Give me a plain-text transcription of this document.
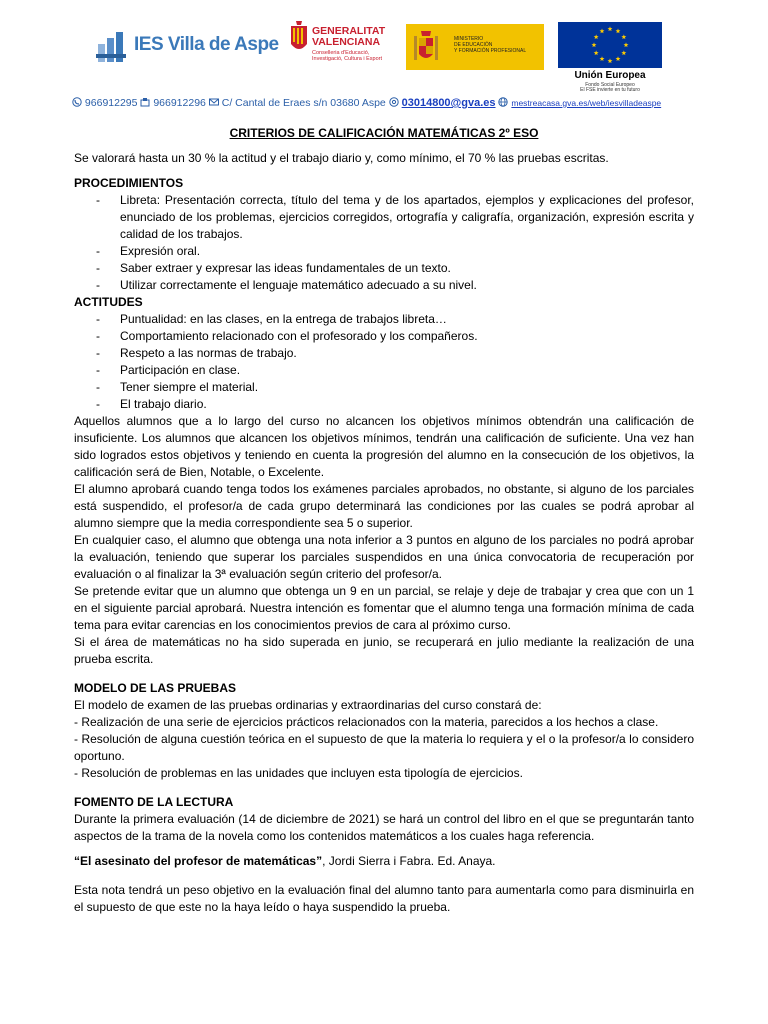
IES Villa de Aspe
GENERALITAT
VALENCIANA
Conselleria d'Educació,
Investigació, Cultura i Esport
MINISTERIO
DE EDUCACIÓN
Y FORMACIÓN PROFESIONAL
Unión Europea
Fondo Social Europeo
El FSE invierte en tu futuro
966912295 966912296 C/ Cantal de Eraes s/n 03680 Aspe 03014800@gva.es mestreacasa.gva.es/web/iesvilladeaspe
CRITERIOS DE CALIFICACIÓN MATEMÁTICAS 2º ESO

Se valorará hasta un 30 % la actitud y el trabajo diario y, como mínimo, el 70 % las pruebas escritas.

PROCEDIMIENTOS
- Libreta: Presentación correcta, título del tema y de los apartados, ejemplos y explicaciones del profesor, enunciado de los problemas, ejercicios corregidos, ortografía y caligrafía, organización, expresión escrita y calidad de los trabajos.
- Expresión oral.
- Saber extraer y expresar las ideas fundamentales de un texto.
- Utilizar correctamente el lenguaje matemático adecuado a su nivel.
ACTITUDES
- Puntualidad: en las clases, en la entrega de trabajos libreta…
- Comportamiento relacionado con el profesorado y los compañeros.
- Respeto a las normas de trabajo.
- Participación en clase.
- Tener siempre el material.
- El trabajo diario.

Aquellos alumnos que a lo largo del curso no alcancen los objetivos mínimos obtendrán una calificación de insuficiente. Los alumnos que alcancen los objetivos mínimos, tendrán una calificación de suficiente. Una vez han sido logrados estos objetivos y teniendo en cuenta la progresión del alumno en la consecución de los objetivos, la calificación será de Bien, Notable, o Excelente.

El alumno aprobará cuando tenga todos los exámenes parciales aprobados, no obstante, si alguno de los parciales está suspendido, el profesor/a de cada grupo determinará las condiciones por las cuales se podrá aprobar al alumno siempre que la media correspondiente sea 5 o superior.

En cualquier caso, el alumno que obtenga una nota inferior a 3 puntos en alguno de los parciales no podrá aprobar la evaluación, teniendo que superar los parciales suspendidos en una única convocatoria de recuperación por evaluación o al finalizar la 3ª evaluación según criterio del profesor/a.

Se pretende evitar que un alumno que obtenga un 9 en un parcial, se relaje y deje de trabajar y crea que con un 1 en el siguiente parcial aprobará. Nuestra intención es fomentar que el alumno tenga una formación mínima de cada tema para evitar carencias en los conocimientos previos de cara al próximo curso.

Si el área de matemáticas no ha sido superada en junio, se recuperará en julio mediante la realización de una prueba escrita.

MODELO DE LAS PRUEBAS

El modelo de examen de las pruebas ordinarias y extraordinarias del curso constará de:

- Realización de una serie de ejercicios prácticos relacionados con la materia, parecidos a los hechos a clase.

- Resolución de alguna cuestión teórica en el supuesto de que la materia lo requiera y el o la profesor/a lo considero oportuno.

- Resolución de problemas en las unidades que incluyen esta tipología de ejercicios.

FOMENTO DE LA LECTURA

Durante la primera evaluación (14 de diciembre de 2021) se hará un control del libro en el que se preguntarán tanto aspectos de la trama de la novela como los contenidos matemáticos a los cuales haga referencia.

“El asesinato del profesor de matemáticas”, Jordi Sierra i Fabra. Ed. Anaya.

Esta nota tendrá un peso objetivo en la evaluación final del alumno tanto para aumentarla como para disminuirla en el supuesto de que este no la haya leído o haya suspendido la prueba.
